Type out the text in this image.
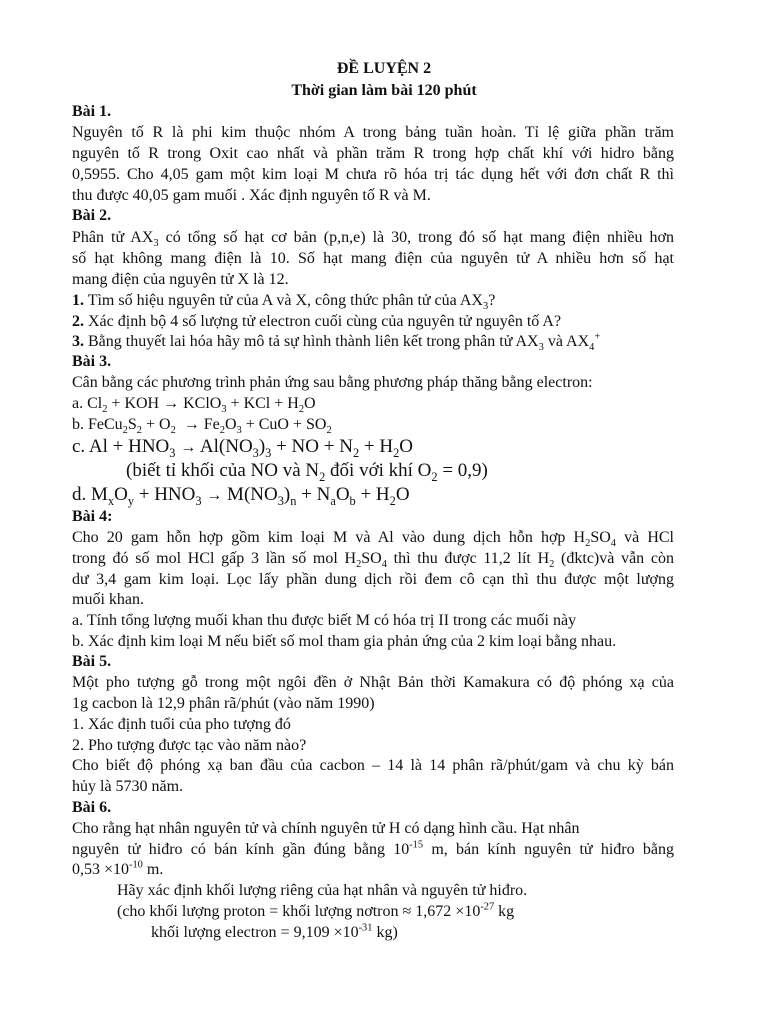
ĐỀ LUYỆN 2
Thời gian làm bài 120 phút
Bài 1.
Nguyên tố R là phi kim thuộc nhóm A trong bảng tuần hoàn. Tỉ lệ giữa phần trăm
nguyên tố R trong Oxit cao nhất và phần trăm R trong hợp chất khí với hidro bằng
0,5955. Cho 4,05 gam một kim loại M chưa rõ hóa trị tác dụng hết với đơn chất R thì
thu được 40,05 gam muối . Xác định nguyên tố R và M.
Bài 2.
Phân tử $AX_3$ có tổng số hạt cơ bản (p,n,e) là 30, trong đó số hạt mang điện nhiều hơn
số hạt không mang điện là 10. Số hạt mang điện của nguyên tử A nhiều hơn số hạt
mang điện của nguyên tử X là 12.
1. Tìm số hiệu nguyên tử của A và X, công thức phân tử của $AX_3$?
2. Xác định bộ 4 số lượng tử electron cuối cùng của nguyên tử nguyên tố A?
3. Bằng thuyết lai hóa hãy mô tả sự hình thành liên kết trong phân tử $AX_3$ và $AX_4^+$
Bài 3.
Cân bằng các phương trình phản ứng sau bằng phương pháp thăng bằng electron:
a. $Cl_2$ + KOH → KClO$_3$ + KCl + $H_2O$
b. $FeCu_2S_2 + O_2 \to Fe_2O_3$ + CuO + $SO_2$
c. $Al + HNO_3 \to Al(NO_3)_3$ + NO + $N_2 + H_2O$
(biết tỉ khối của NO và $N_2$ đối với khí $O_2 = 0,9$)
d. $M_xO_y + HNO_3 \to M(NO_3)_n + N_aO_b + H_2O$
Bài 4:
Cho 20 gam hỗn hợp gồm kim loại M và Al vào dung dịch hỗn hợp $H_2SO_4$ và HCl
trong đó số mol HCl gấp 3 lần số mol $H_2SO_4$ thì thu được 11,2 lít $H_2$ (đktc)và vẫn còn
dư 3,4 gam kim loại. Lọc lấy phần dung dịch rồi đem cô cạn thì thu được một lượng
muối khan.
a. Tính tổng lượng muối khan thu được biết M có hóa trị II trong các muối này
b. Xác định kim loại M nếu biết số mol tham gia phản ứng của 2 kim loại bằng nhau.
Bài 5.
Một pho tượng gỗ trong một ngôi đền ở Nhật Bản thời Kamakura có độ phóng xạ của
1g cacbon là 12,9 phân rã/phút (vào năm 1990)
1. Xác định tuổi của pho tượng đó
2. Pho tượng được tạc vào năm nào?
Cho biết độ phóng xạ ban đầu của cacbon – 14 là 14 phân rã/phút/gam và chu kỳ bán
hủy là 5730 năm.
Bài 6.
Cho rằng hạt nhân nguyên tử và chính nguyên tử H có dạng hình cầu. Hạt nhân
nguyên tử hiđro có bán kính gần đúng bằng $10^{-15}$ m, bán kính nguyên tử hiđro bằng
$0,53 \times 10^{-10}$ m.
Hãy xác định khối lượng riêng của hạt nhân và nguyên tử hiđro.
(cho khối lượng proton = khối lượng nơtron ≈ $1,672 \times 10^{-27}$ kg
khối lượng electron = $9,109 \times 10^{-31}$ kg)
